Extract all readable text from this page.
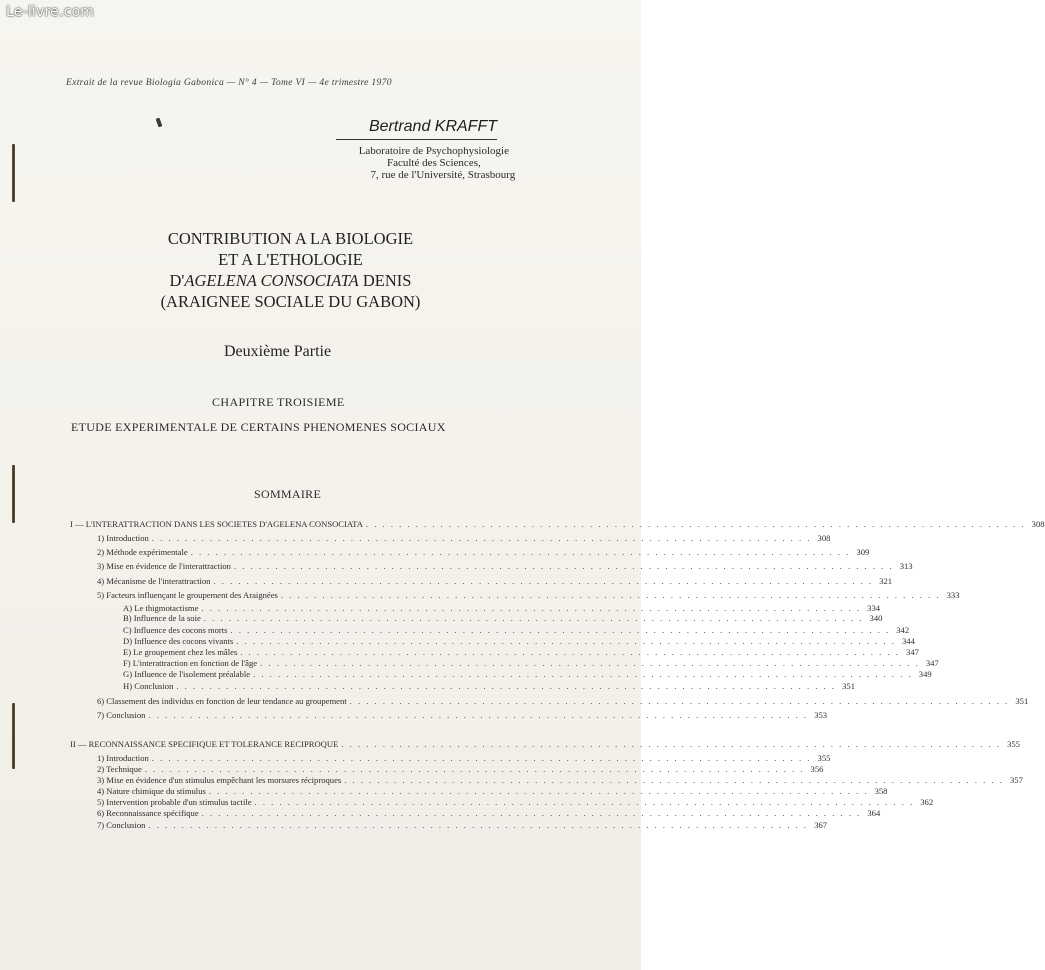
Le-livre.com
Extrait de la revue Biologia Gabonica — N° 4 — Tome VI — 4e trimestre 1970
Bertrand KRAFFT
Laboratoire de Psychophysiologie
Faculté des Sciences,
7, rue de l'Université, Strasbourg
CONTRIBUTION A LA BIOLOGIE
ET A L'ETHOLOGIE
D'AGELENA CONSOCIATA DENIS
(ARAIGNEE SOCIALE DU GABON)
Deuxième Partie
CHAPITRE TROISIEME
ETUDE EXPERIMENTALE DE CERTAINS PHENOMENES SOCIAUX
SOMMAIRE
I — L'INTERATTRACTION DANS LES SOCIETES D'AGELENA CONSOCIATA . . . . . . . . . . . . . . . . . . . . . . . . . . . . . . . . . . . . . . . . . . . . . . . . . . . . . . . . . . . . . . . . . . . . . . . . . . . . . . . . 308
1) Introduction . . . . . . . . . . . . . . . . . . . . . . . . . . . . . . . . . . . . . . . . . . . . . . . . . . . . . . . . . . . . . . . . . . . . . . . . . . . . . . . . 308
2) Méthode expérimentale . . . . . . . . . . . . . . . . . . . . . . . . . . . . . . . . . . . . . . . . . . . . . . . . . . . . . . . . . . . . . . . . . . . . . . . . . . . . . . . . 309
3) Mise en évidence de l'interattraction . . . . . . . . . . . . . . . . . . . . . . . . . . . . . . . . . . . . . . . . . . . . . . . . . . . . . . . . . . . . . . . . . . . . . . . . . . . . . . . . 313
4) Mécanisme de l'interattraction . . . . . . . . . . . . . . . . . . . . . . . . . . . . . . . . . . . . . . . . . . . . . . . . . . . . . . . . . . . . . . . . . . . . . . . . . . . . . . . . 321
5) Facteurs influençant le groupement des Araignées . . . . . . . . . . . . . . . . . . . . . . . . . . . . . . . . . . . . . . . . . . . . . . . . . . . . . . . . . . . . . . . . . . . . . . . . . . . . . . . . 333
A) Le thigmotactisme . . . . . . . . . . . . . . . . . . . . . . . . . . . . . . . . . . . . . . . . . . . . . . . . . . . . . . . . . . . . . . . . . . . . . . . . . . . . . . . . 334
B) Influence de la soie . . . . . . . . . . . . . . . . . . . . . . . . . . . . . . . . . . . . . . . . . . . . . . . . . . . . . . . . . . . . . . . . . . . . . . . . . . . . . . . . 340
C) Influence des cocons morts . . . . . . . . . . . . . . . . . . . . . . . . . . . . . . . . . . . . . . . . . . . . . . . . . . . . . . . . . . . . . . . . . . . . . . . . . . . . . . . . 342
D) Influence des cocons vivants . . . . . . . . . . . . . . . . . . . . . . . . . . . . . . . . . . . . . . . . . . . . . . . . . . . . . . . . . . . . . . . . . . . . . . . . . . . . . . . . 344
E) Le groupement chez les mâles . . . . . . . . . . . . . . . . . . . . . . . . . . . . . . . . . . . . . . . . . . . . . . . . . . . . . . . . . . . . . . . . . . . . . . . . . . . . . . . . 347
F) L'interattraction en fonction de l'âge . . . . . . . . . . . . . . . . . . . . . . . . . . . . . . . . . . . . . . . . . . . . . . . . . . . . . . . . . . . . . . . . . . . . . . . . . . . . . . . . 347
G) Influence de l'isolement préalable . . . . . . . . . . . . . . . . . . . . . . . . . . . . . . . . . . . . . . . . . . . . . . . . . . . . . . . . . . . . . . . . . . . . . . . . . . . . . . . . 349
H) Conclusion . . . . . . . . . . . . . . . . . . . . . . . . . . . . . . . . . . . . . . . . . . . . . . . . . . . . . . . . . . . . . . . . . . . . . . . . . . . . . . . . 351
6) Classement des individus en fonction de leur tendance au groupement . . . . . . . . . . . . . . . . . . . . . . . . . . . . . . . . . . . . . . . . . . . . . . . . . . . . . . . . . . . . . . . . . . . . . . . . . . . . . . . . 351
7) Conclusion . . . . . . . . . . . . . . . . . . . . . . . . . . . . . . . . . . . . . . . . . . . . . . . . . . . . . . . . . . . . . . . . . . . . . . . . . . . . . . . . 353
II — RECONNAISSANCE SPECIFIQUE ET TOLERANCE RECIPROQUE . . . . . . . . . . . . . . . . . . . . . . . . . . . . . . . . . . . . . . . . . . . . . . . . . . . . . . . . . . . . . . . . . . . . . . . . . . . . . . . . 355
1) Introduction . . . . . . . . . . . . . . . . . . . . . . . . . . . . . . . . . . . . . . . . . . . . . . . . . . . . . . . . . . . . . . . . . . . . . . . . . . . . . . . . 355
2) Technique . . . . . . . . . . . . . . . . . . . . . . . . . . . . . . . . . . . . . . . . . . . . . . . . . . . . . . . . . . . . . . . . . . . . . . . . . . . . . . . . 356
3) Mise en évidence d'un stimulus empêchant les morsures réciproques . . . . . . . . . . . . . . . . . . . . . . . . . . . . . . . . . . . . . . . . . . . . . . . . . . . . . . . . . . . . . . . . . . . . . . . . . . . . . . . . 357
4) Nature chimique du stimulus . . . . . . . . . . . . . . . . . . . . . . . . . . . . . . . . . . . . . . . . . . . . . . . . . . . . . . . . . . . . . . . . . . . . . . . . . . . . . . . . 358
5) Intervention probable d'un stimulus tactile . . . . . . . . . . . . . . . . . . . . . . . . . . . . . . . . . . . . . . . . . . . . . . . . . . . . . . . . . . . . . . . . . . . . . . . . . . . . . . . . 362
6) Reconnaissance spécifique . . . . . . . . . . . . . . . . . . . . . . . . . . . . . . . . . . . . . . . . . . . . . . . . . . . . . . . . . . . . . . . . . . . . . . . . . . . . . . . . 364
7) Conclusion . . . . . . . . . . . . . . . . . . . . . . . . . . . . . . . . . . . . . . . . . . . . . . . . . . . . . . . . . . . . . . . . . . . . . . . . . . . . . . . . 367
